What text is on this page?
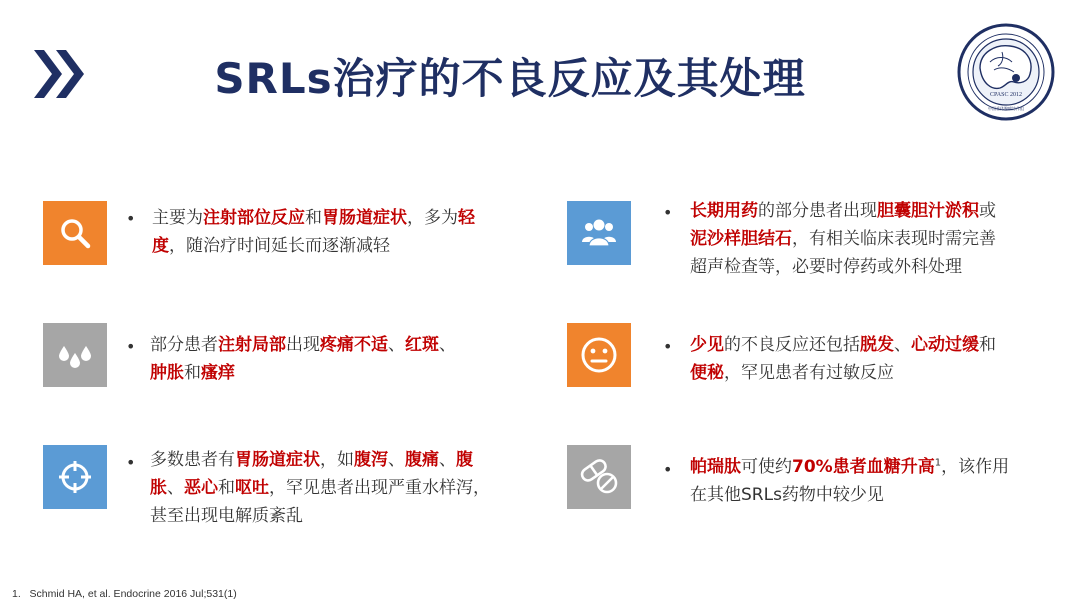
SRLs治疗的不良反应及其处理	CPASC 2012
中国垂体腺瘤协作组
• 主要为注射部位反应和胃肠道症状，多为轻
度，随治疗时间延长而逐渐减轻
• 长期用药的部分患者出现胆囊胆汁淤积或
泥沙样胆结石，有相关临床表现时需完善
超声检查等，必要时停药或外科处理
• 部分患者注射局部出现疼痛不适、红斑、
肿胀和瘙痒
• 少见的不良反应还包括脱发、心动过缓和
便秘，罕见患者有过敏反应
• 多数患者有胃肠道症状，如腹泻、腹痛、腹
胀、恶心和呕吐，罕见患者出现严重水样泻，
甚至出现电解质紊乱
• 帕瑞肽可使约70%患者血糖升高$^1$，该作用
在其他SRLs药物中较少见
1. Schmid HA, et al. Endocrine 2016 Jul;531(1)
